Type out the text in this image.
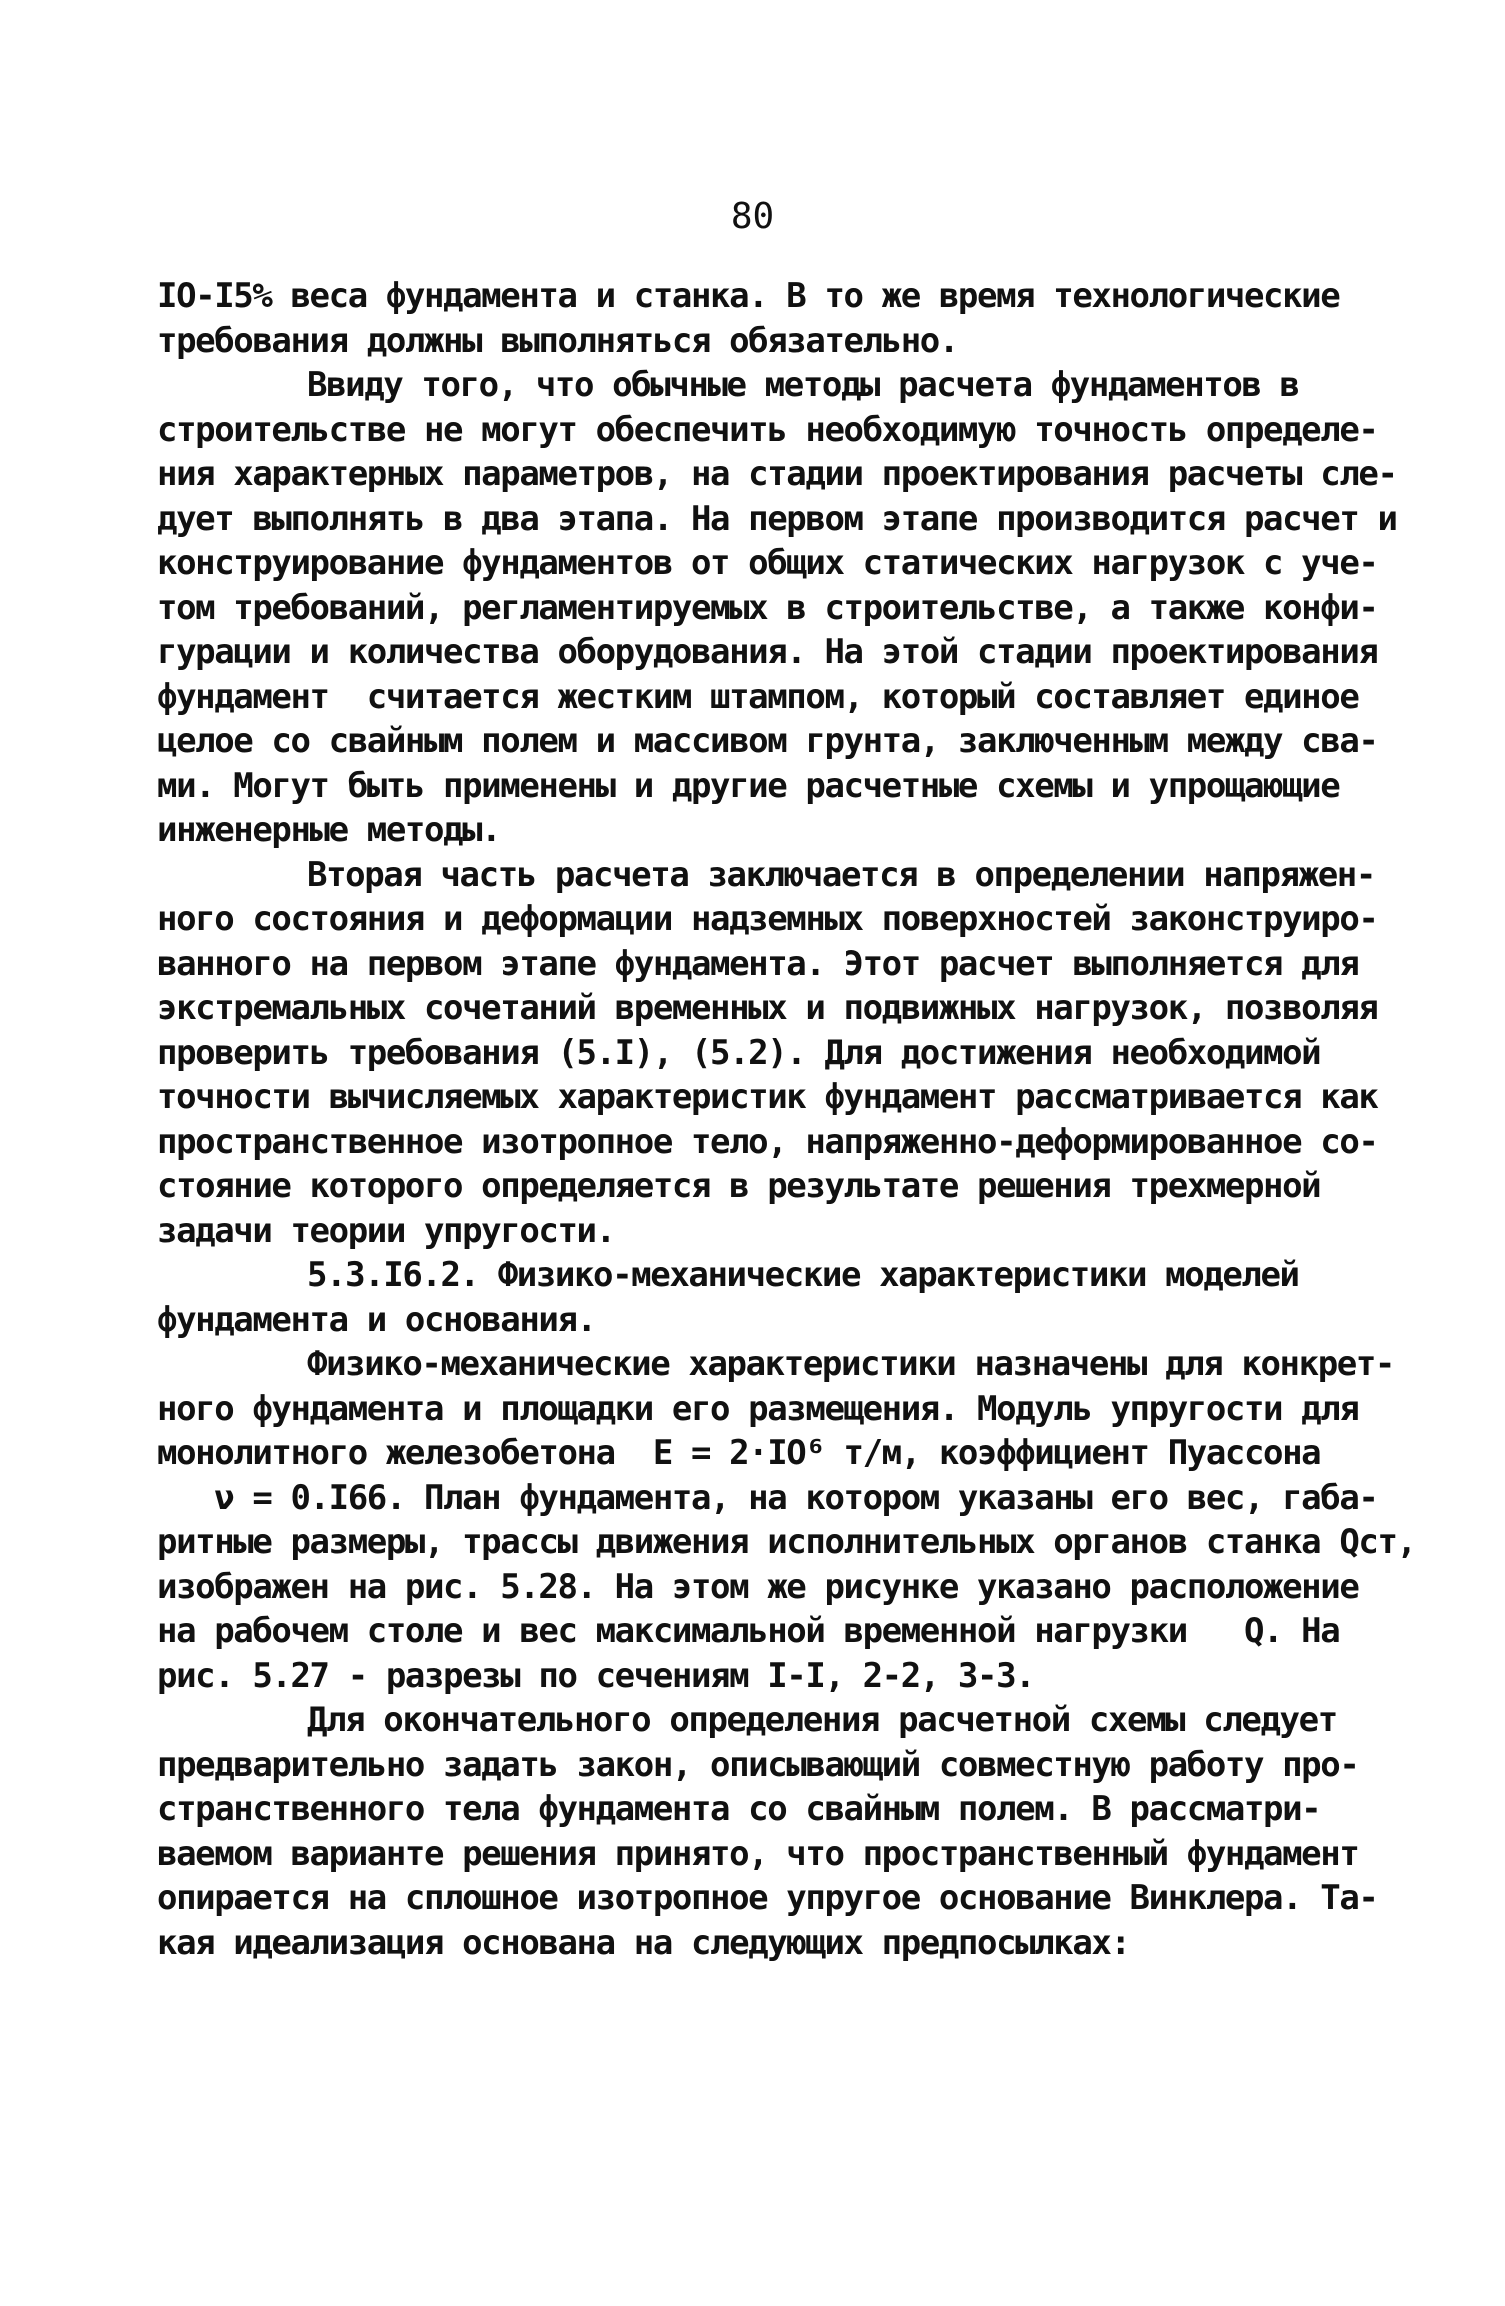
80
IO-I5% веса фундамента и станка. В то же время технологические
требования должны выполняться обязательно.
Ввиду того, что обычные методы расчета фундаментов в
строительстве не могут обеспечить необходимую точность определе-
ния характерных параметров, на стадии проектирования расчеты сле-
дует выполнять в два этапа. На первом этапе производится расчет и
конструирование фундаментов от общих статических нагрузок с уче-
том требований, регламентируемых в строительстве, а также конфи-
гурации и количества оборудования. На этой стадии проектирования
фундамент  считается жестким штампом, который составляет единое
целое со свайным полем и массивом грунта, заключенным между сва-
ми. Могут быть применены и другие расчетные схемы и упрощающие
инженерные методы.
Вторая часть расчета заключается в определении напряжен-
ного состояния и деформации надземных поверхностей законструиро-
ванного на первом этапе фундамента. Этот расчет выполняется для
экстремальных сочетаний временных и подвижных нагрузок, позволяя
проверить требования (5.I), (5.2). Для достижения необходимой
точности вычисляемых характеристик фундамент рассматривается как
пространственное изотропное тело, напряженно-деформированное со-
стояние которого определяется в результате решения трехмерной
задачи теории упругости.
5.3.I6.2. Физико-механические характеристики моделей
фундамента и основания.
Физико-механические характеристики назначены для конкрет-
ного фундамента и площадки его размещения. Модуль упругости для
монолитного железобетона  E = 2·IO⁶ т/м, коэффициент Пуассона
ν = 0.I66. План фундамента, на котором указаны его вес, габа-
ритные размеры, трассы движения исполнительных органов станка Qст,
изображен на рис. 5.28. На этом же рисунке указано расположение
на рабочем столе и вес максимальной временной нагрузки   Q. На
рис. 5.27 - разрезы по сечениям I-I, 2-2, 3-3.
Для окончательного определения расчетной схемы следует
предварительно задать закон, описывающий совместную работу про-
странственного тела фундамента со свайным полем. В рассматри-
ваемом варианте решения принято, что пространственный фундамент
опирается на сплошное изотропное упругое основание Винклера. Та-
кая идеализация основана на следующих предпосылках:
